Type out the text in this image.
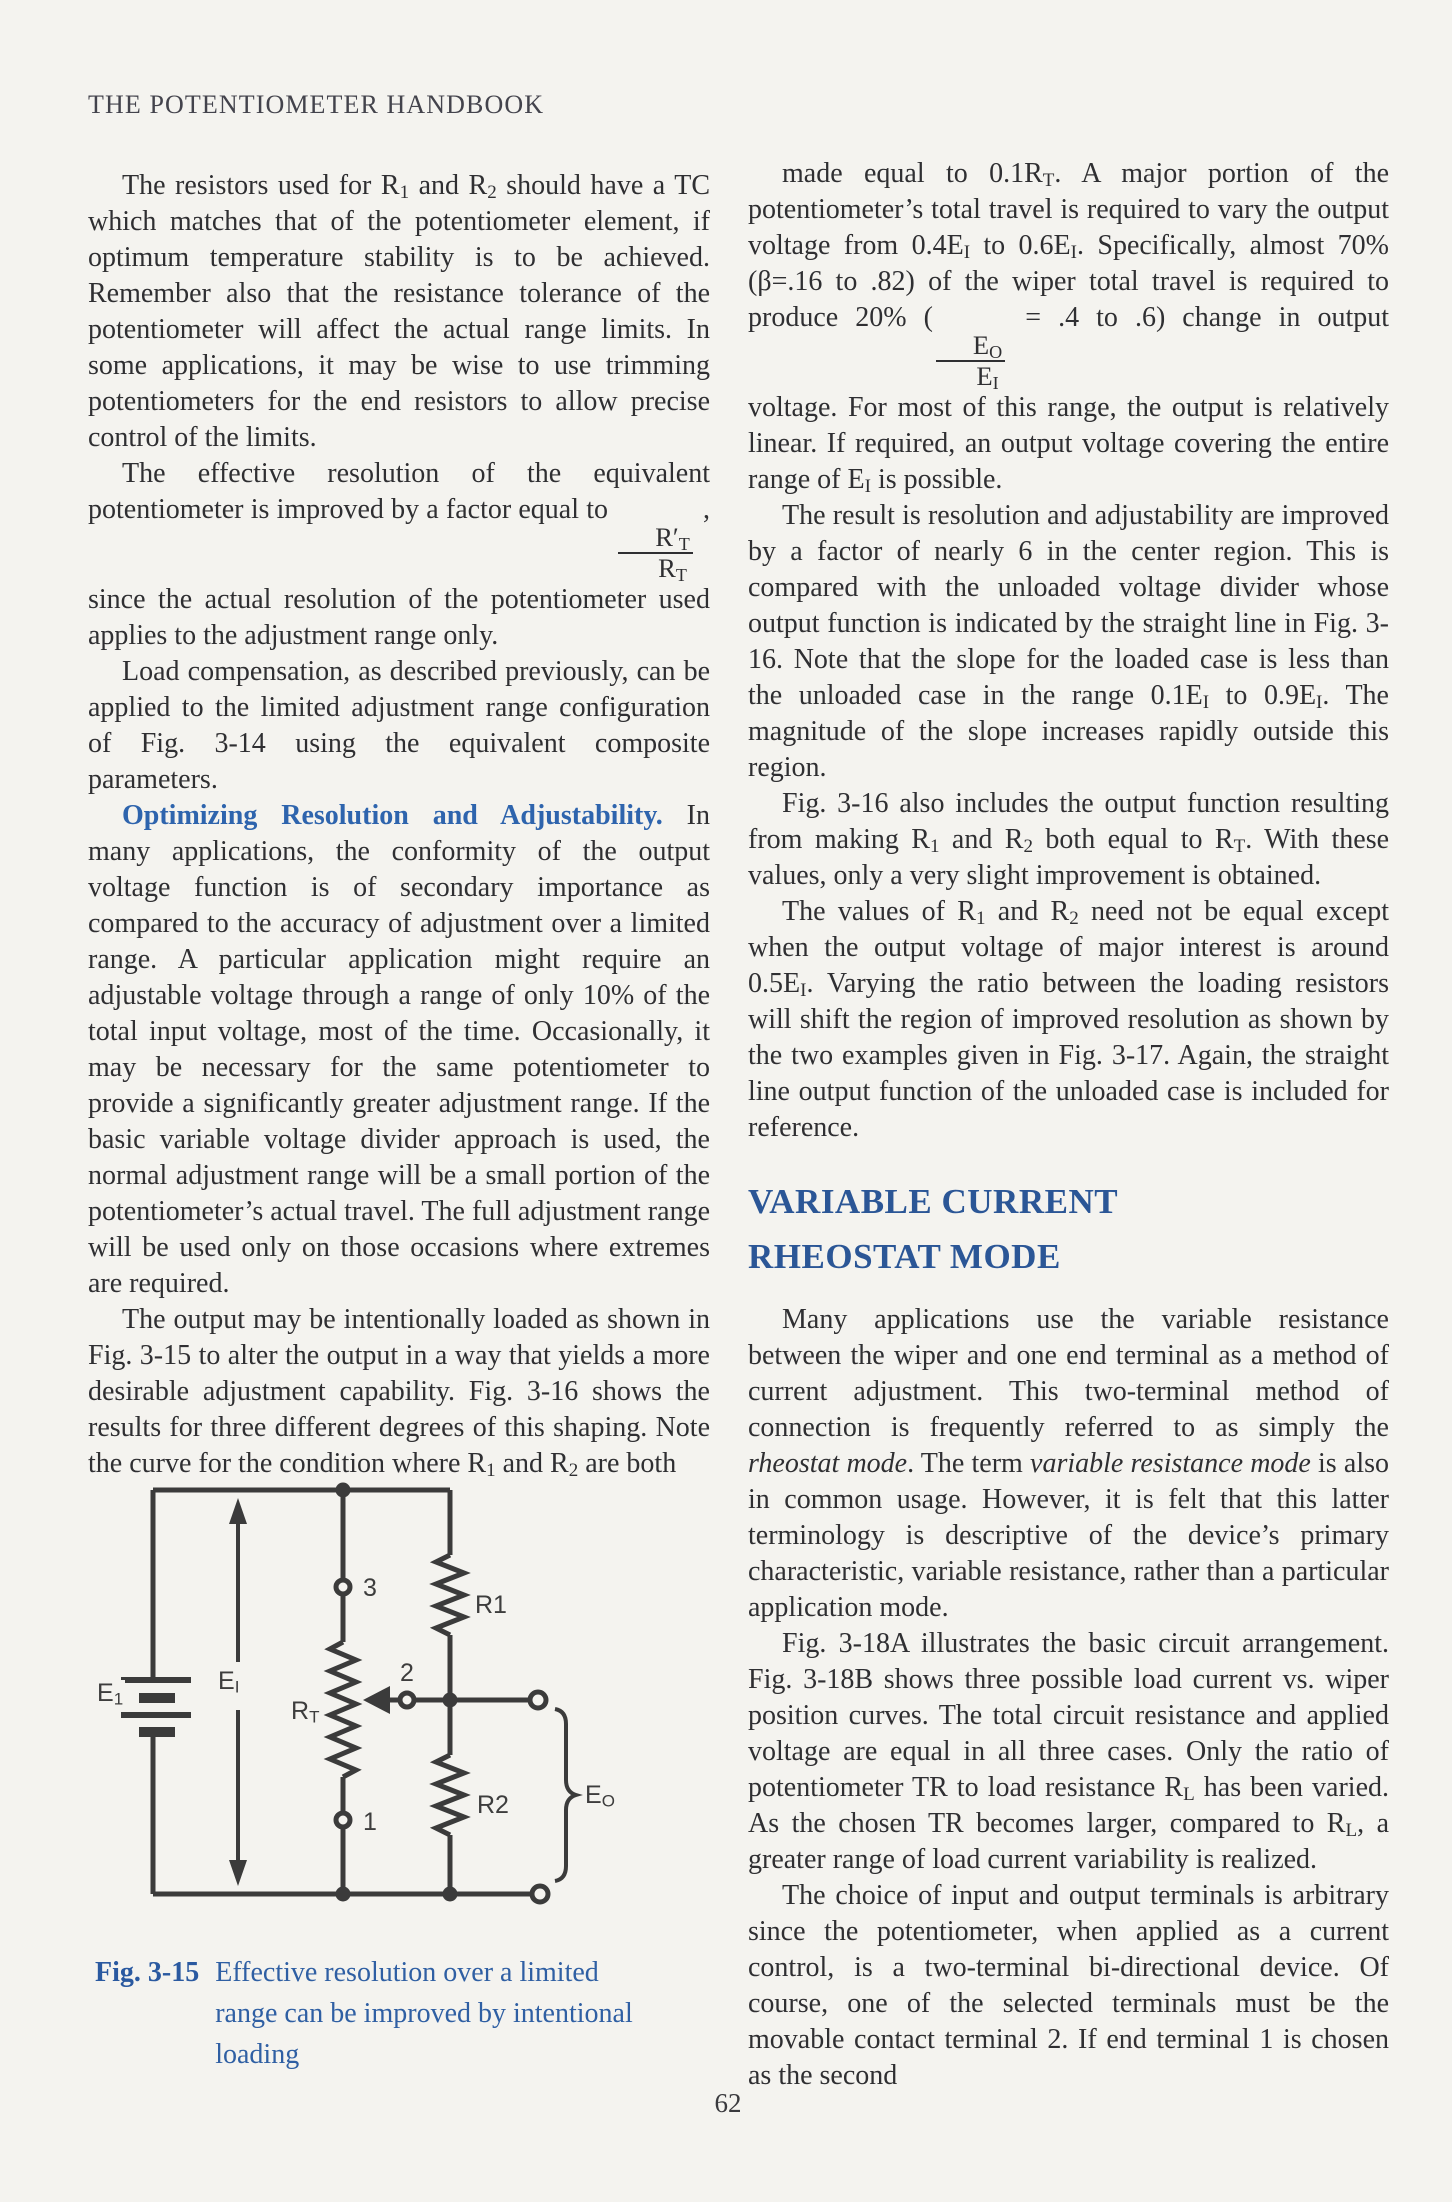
THE POTENTIOMETER HANDBOOK

The resistors used for $R_1$ and $R_2$ should have a TC which matches that of the potentiometer element, if optimum temperature stability is to be achieved. Remember also that the resistance tolerance of the potentiometer will affect the actual range limits. In some applications, it may be wise to use trimming potentiometers for the end resistors to allow precise control of the limits.

The effective resolution of the equivalent potentiometer is improved by a factor equal to
$\frac{R'_T}{R_T}$
, since the actual resolution of the potentiometer used applies to the adjustment range only.

Load compensation, as described previously, can be applied to the limited adjustment range configuration of Fig. 3-14 using the equivalent composite parameters.

Optimizing Resolution and Adjustability. In many applications, the conformity of the output voltage function is of secondary importance as compared to the accuracy of adjustment over a limited range. A particular application might require an adjustable voltage through a range of only 10% of the total input voltage, most of the time. Occasionally, it may be necessary for the same potentiometer to provide a significantly greater adjustment range. If the basic variable voltage divider approach is used, the normal adjustment range will be a small portion of the potentiometer’s actual travel. The full adjustment range will be used only on those occasions where extremes are required.

The output may be intentionally loaded as shown in Fig. 3-15 to alter the output in a way that yields a more desirable adjustment capability. Fig. 3-16 shows the results for three different degrees of this shaping. Note the curve for the condition where $R_1$ and $R_2$ are both

$E_1$
$E_I$
$R_T$
R1
R2	$E_O$
3
2
1
Fig. 3-15 Effective resolution over a limited range can be improved by intentional loading

made equal to $0.1R_T$. A major portion of the potentiometer’s total travel is required to vary the output voltage from $0.4E_I$ to $0.6E_I$. Specifically, almost 70% (β=.16 to .82) of the wiper total travel is required to produce 20% (
$\frac{E_O}{E_I}$
= .4 to .6) change in output voltage. For most of this range, the output is relatively linear. If required, an output voltage covering the entire range of $E_I$ is possible.

The result is resolution and adjustability are improved by a factor of nearly 6 in the center region. This is compared with the unloaded voltage divider whose output function is indicated by the straight line in Fig. 3-16. Note that the slope for the loaded case is less than the unloaded case in the range $0.1E_I$ to $0.9E_I$. The magnitude of the slope increases rapidly outside this region.

Fig. 3-16 also includes the output function resulting from making $R_1$ and $R_2$ both equal to $R_T$. With these values, only a very slight improvement is obtained.

The values of $R_1$ and $R_2$ need not be equal except when the output voltage of major interest is around $0.5E_I$. Varying the ratio between the loading resistors will shift the region of improved resolution as shown by the two examples given in Fig. 3-17. Again, the straight line output function of the unloaded case is included for reference.

VARIABLE CURRENT
RHEOSTAT MODE

Many applications use the variable resistance between the wiper and one end terminal as a method of current adjustment. This two-terminal method of connection is frequently referred to as simply the rheostat mode. The term variable resistance mode is also in common usage. However, it is felt that this latter terminology is descriptive of the device’s primary characteristic, variable resistance, rather than a particular application mode.

Fig. 3-18A illustrates the basic circuit arrangement. Fig. 3-18B shows three possible load current vs. wiper position curves. The total circuit resistance and applied voltage are equal in all three cases. Only the ratio of potentiometer TR to load resistance $R_L$ has been varied. As the chosen TR becomes larger, compared to $R_L$, a greater range of load current variability is realized.

The choice of input and output terminals is arbitrary since the potentiometer, when applied as a current control, is a two-terminal bi-directional device. Of course, one of the selected terminals must be the movable contact terminal 2. If end terminal 1 is chosen as the second

62
